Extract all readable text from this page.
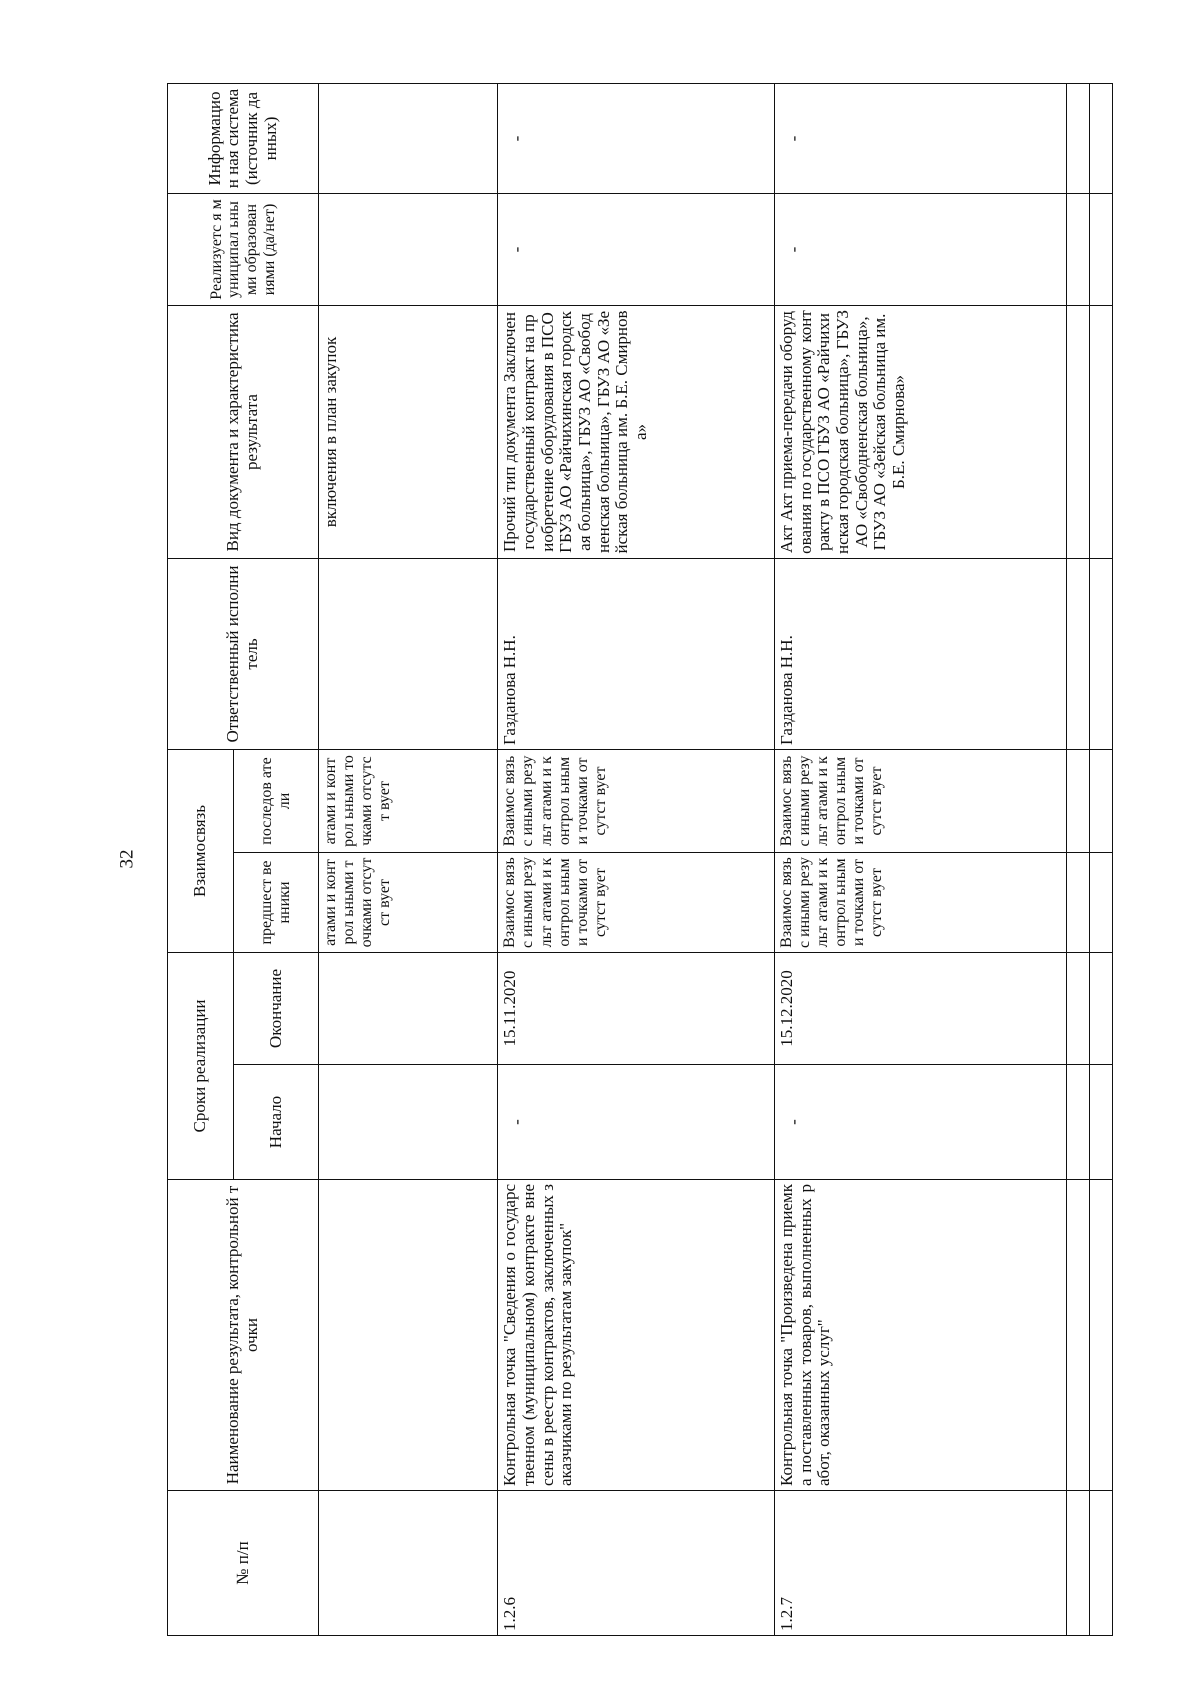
32
№ п/п	Наименование результата, контрольной точки	Сроки реализации		Взаимосвязь		Ответственный исполнитель	Вид документа и характеристика результата	Реализуетс я муниципал ьными образован иями (да/нет)	Информацион ная система (источник данных)
		Начало	Окончание	предшест венники	последов атели				
				атами и контрол ьными точками отсутст вует	атами и контрол ьными точками отсутст вует		включения в план закупок		
1.2.6	Контрольная точка "Сведения о государственном (муниципальном) контракте внесены в реестр контрактов, заключенных заказчиками по результатам закупок"	-	15.11.2020	Взаимос вязь с иными результ атами и контрол ьными точками отсутст вует	Взаимос вязь с иными результ атами и контрол ьными точками отсутст вует	Газданова Н.Н.	Прочий тип документа Заключен государственный контракт на приобретение оборудования в ПСО ГБУЗ АО «Райчихинская городская больница», ГБУЗ АО «Свободненская больница», ГБУЗ АО «Зейская больница им. Б.Е. Смирнова»	-	-
1.2.7	Контрольная точка "Произведена приемка поставленных товаров, выполненных работ, оказанных услуг"	-	15.12.2020	Взаимос вязь с иными результ атами и контрол ьными точками отсутст вует	Взаимос вязь с иными результ атами и контрол ьными точками отсутст вует	Газданова Н.Н.	Акт Акт приема-передачи оборудования по государственному контракту в ПСО ГБУЗ АО «Райчихинская городская больница», ГБУЗ АО «Свободненская больница», ГБУЗ АО «Зейская больница им. Б.Е. Смирнова»	-	-
